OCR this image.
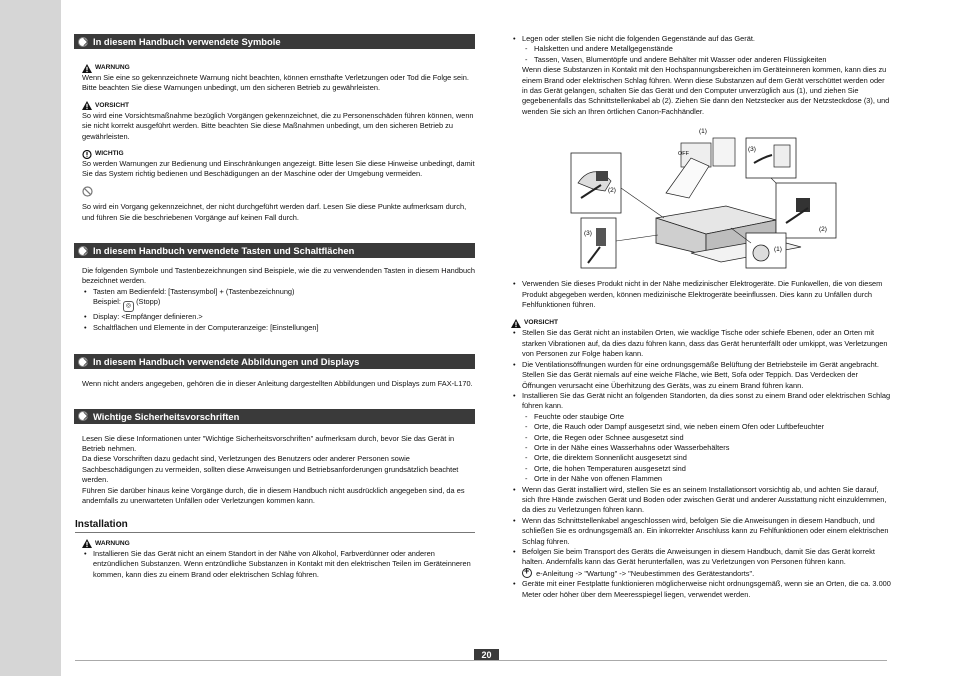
In diesem Handbuch verwendete Symbole
WARNUNG
Wenn Sie eine so gekennzeichnete Warnung nicht beachten, können ernsthafte Verletzungen oder Tod die Folge sein. Bitte beachten Sie diese Warnungen unbedingt, um den sicheren Betrieb zu gewährleisten.
VORSICHT
So wird eine Vorsichtsmaßnahme bezüglich Vorgängen gekennzeichnet, die zu Personenschäden führen können, wenn sie nicht korrekt ausgeführt werden. Bitte beachten Sie diese Maßnahmen unbedingt, um den sicheren Betrieb zu gewährleisten.
WICHTIG
So werden Warnungen zur Bedienung und Einschränkungen angezeigt. Bitte lesen Sie diese Hinweise unbedingt, damit Sie das System richtig bedienen und Beschädigungen an der Maschine oder der Umgebung vermeiden.
So wird ein Vorgang gekennzeichnet, der nicht durchgeführt werden darf. Lesen Sie diese Punkte aufmerksam durch, und führen Sie die beschriebenen Vorgänge auf keinen Fall durch.
In diesem Handbuch verwendete Tasten und Schaltflächen
Die folgenden Symbole und Tastenbezeichnungen sind Beispiele, wie die zu verwendenden Tasten in diesem Handbuch bezeichnet werden.
• Tasten am Bedienfeld: [Tastensymbol] + (Tastenbezeichnung)
Beispiel: ◎ (Stopp)
• Display: <Empfänger definieren.>
• Schaltflächen und Elemente in der Computeranzeige: [Einstellungen]
In diesem Handbuch verwendete Abbildungen und Displays
Wenn nicht anders angegeben, gehören die in dieser Anleitung dargestellten Abbildungen und Displays zum FAX-L170.
Wichtige Sicherheitsvorschriften
Lesen Sie diese Informationen unter "Wichtige Sicherheitsvorschriften" aufmerksam durch, bevor Sie das Gerät in Betrieb nehmen.
Da diese Vorschriften dazu gedacht sind, Verletzungen des Benutzers oder anderer Personen sowie Sachbeschädigungen zu vermeiden, sollten diese Anweisungen und Betriebsanforderungen grundsätzlich beachtet werden.
Führen Sie darüber hinaus keine Vorgänge durch, die in diesem Handbuch nicht ausdrücklich angegeben sind, da es andernfalls zu unerwarteten Unfällen oder Verletzungen kommen kann.
Installation
WARNUNG
• Installieren Sie das Gerät nicht an einem Standort in der Nähe von Alkohol, Farbverdünner oder anderen entzündlichen Substanzen. Wenn entzündliche Substanzen in Kontakt mit den elektrischen Teilen im Geräteinneren kommen, kann dies zu einem Brand oder elektrischen Schlag führen.
• Legen oder stellen Sie nicht die folgenden Gegenstände auf das Gerät.
- Halsketten und andere Metallgegenstände
- Tassen, Vasen, Blumentöpfe und andere Behälter mit Wasser oder anderen Flüssigkeiten
Wenn diese Substanzen in Kontakt mit den Hochspannungsbereichen im Geräteinneren kommen, kann dies zu einem Brand oder elektrischen Schlag führen. Wenn diese Substanzen auf dem Gerät verschüttet werden oder in das Gerät gelangen, schalten Sie das Gerät und den Computer unverzüglich aus (1), und ziehen Sie gegebenenfalls das Schnittstellenkabel ab (2). Ziehen Sie dann den Netzstecker aus der Netzsteckdose (3), und wenden Sie sich an Ihren örtlichen Canon-Fachhändler.
(1)
OFF
(3)
(2)
(3)
(2)
(1)
• Verwenden Sie dieses Produkt nicht in der Nähe medizinischer Elektrogeräte. Die Funkwellen, die von diesem Produkt abgegeben werden, können medizinische Elektrogeräte beeinflussen. Dies kann zu Unfällen durch Fehlfunktionen führen.
VORSICHT
• Stellen Sie das Gerät nicht an instabilen Orten, wie wacklige Tische oder schiefe Ebenen, oder an Orten mit starken Vibrationen auf, da dies dazu führen kann, dass das Gerät herunterfällt oder umkippt, was Verletzungen von Personen zur Folge haben kann.
• Die Ventilationsöffnungen wurden für eine ordnungsgemäße Belüftung der Betriebsteile im Gerät angebracht. Stellen Sie das Gerät niemals auf eine weiche Fläche, wie Bett, Sofa oder Teppich. Das Verdecken der Öffnungen verursacht eine Überhitzung des Geräts, was zu einem Brand führen kann.
• Installieren Sie das Gerät nicht an folgenden Standorten, da dies sonst zu einem Brand oder elektrischen Schlag führen kann.
- Feuchte oder staubige Orte
- Orte, die Rauch oder Dampf ausgesetzt sind, wie neben einem Ofen oder Luftbefeuchter
- Orte, die Regen oder Schnee ausgesetzt sind
- Orte in der Nähe eines Wasserhahns oder Wasserbehälters
- Orte, die direktem Sonnenlicht ausgesetzt sind
- Orte, die hohen Temperaturen ausgesetzt sind
- Orte in der Nähe von offenen Flammen
• Wenn das Gerät installiert wird, stellen Sie es an seinem Installationsort vorsichtig ab, und achten Sie darauf, sich Ihre Hände zwischen Gerät und Boden oder zwischen Gerät und anderer Ausstattung nicht einzuklemmen, da dies zu Verletzungen führen kann.
• Wenn das Schnittstellenkabel angeschlossen wird, befolgen Sie die Anweisungen in diesem Handbuch, und schließen Sie es ordnungsgemäß an. Ein inkorrekter Anschluss kann zu Fehlfunktionen oder einem elektrischen Schlag führen.
• Befolgen Sie beim Transport des Geräts die Anweisungen in diesem Handbuch, damit Sie das Gerät korrekt halten. Andernfalls kann das Gerät herunterfallen, was zu Verletzungen von Personen führen kann.
+ e-Anleitung -> "Wartung" -> "Neubestimmen des Gerätestandorts".
• Geräte mit einer Festplatte funktionieren möglicherweise nicht ordnungsgemäß, wenn sie an Orten, die ca. 3.000 Meter oder höher über dem Meeresspiegel liegen, verwendet werden.
20
